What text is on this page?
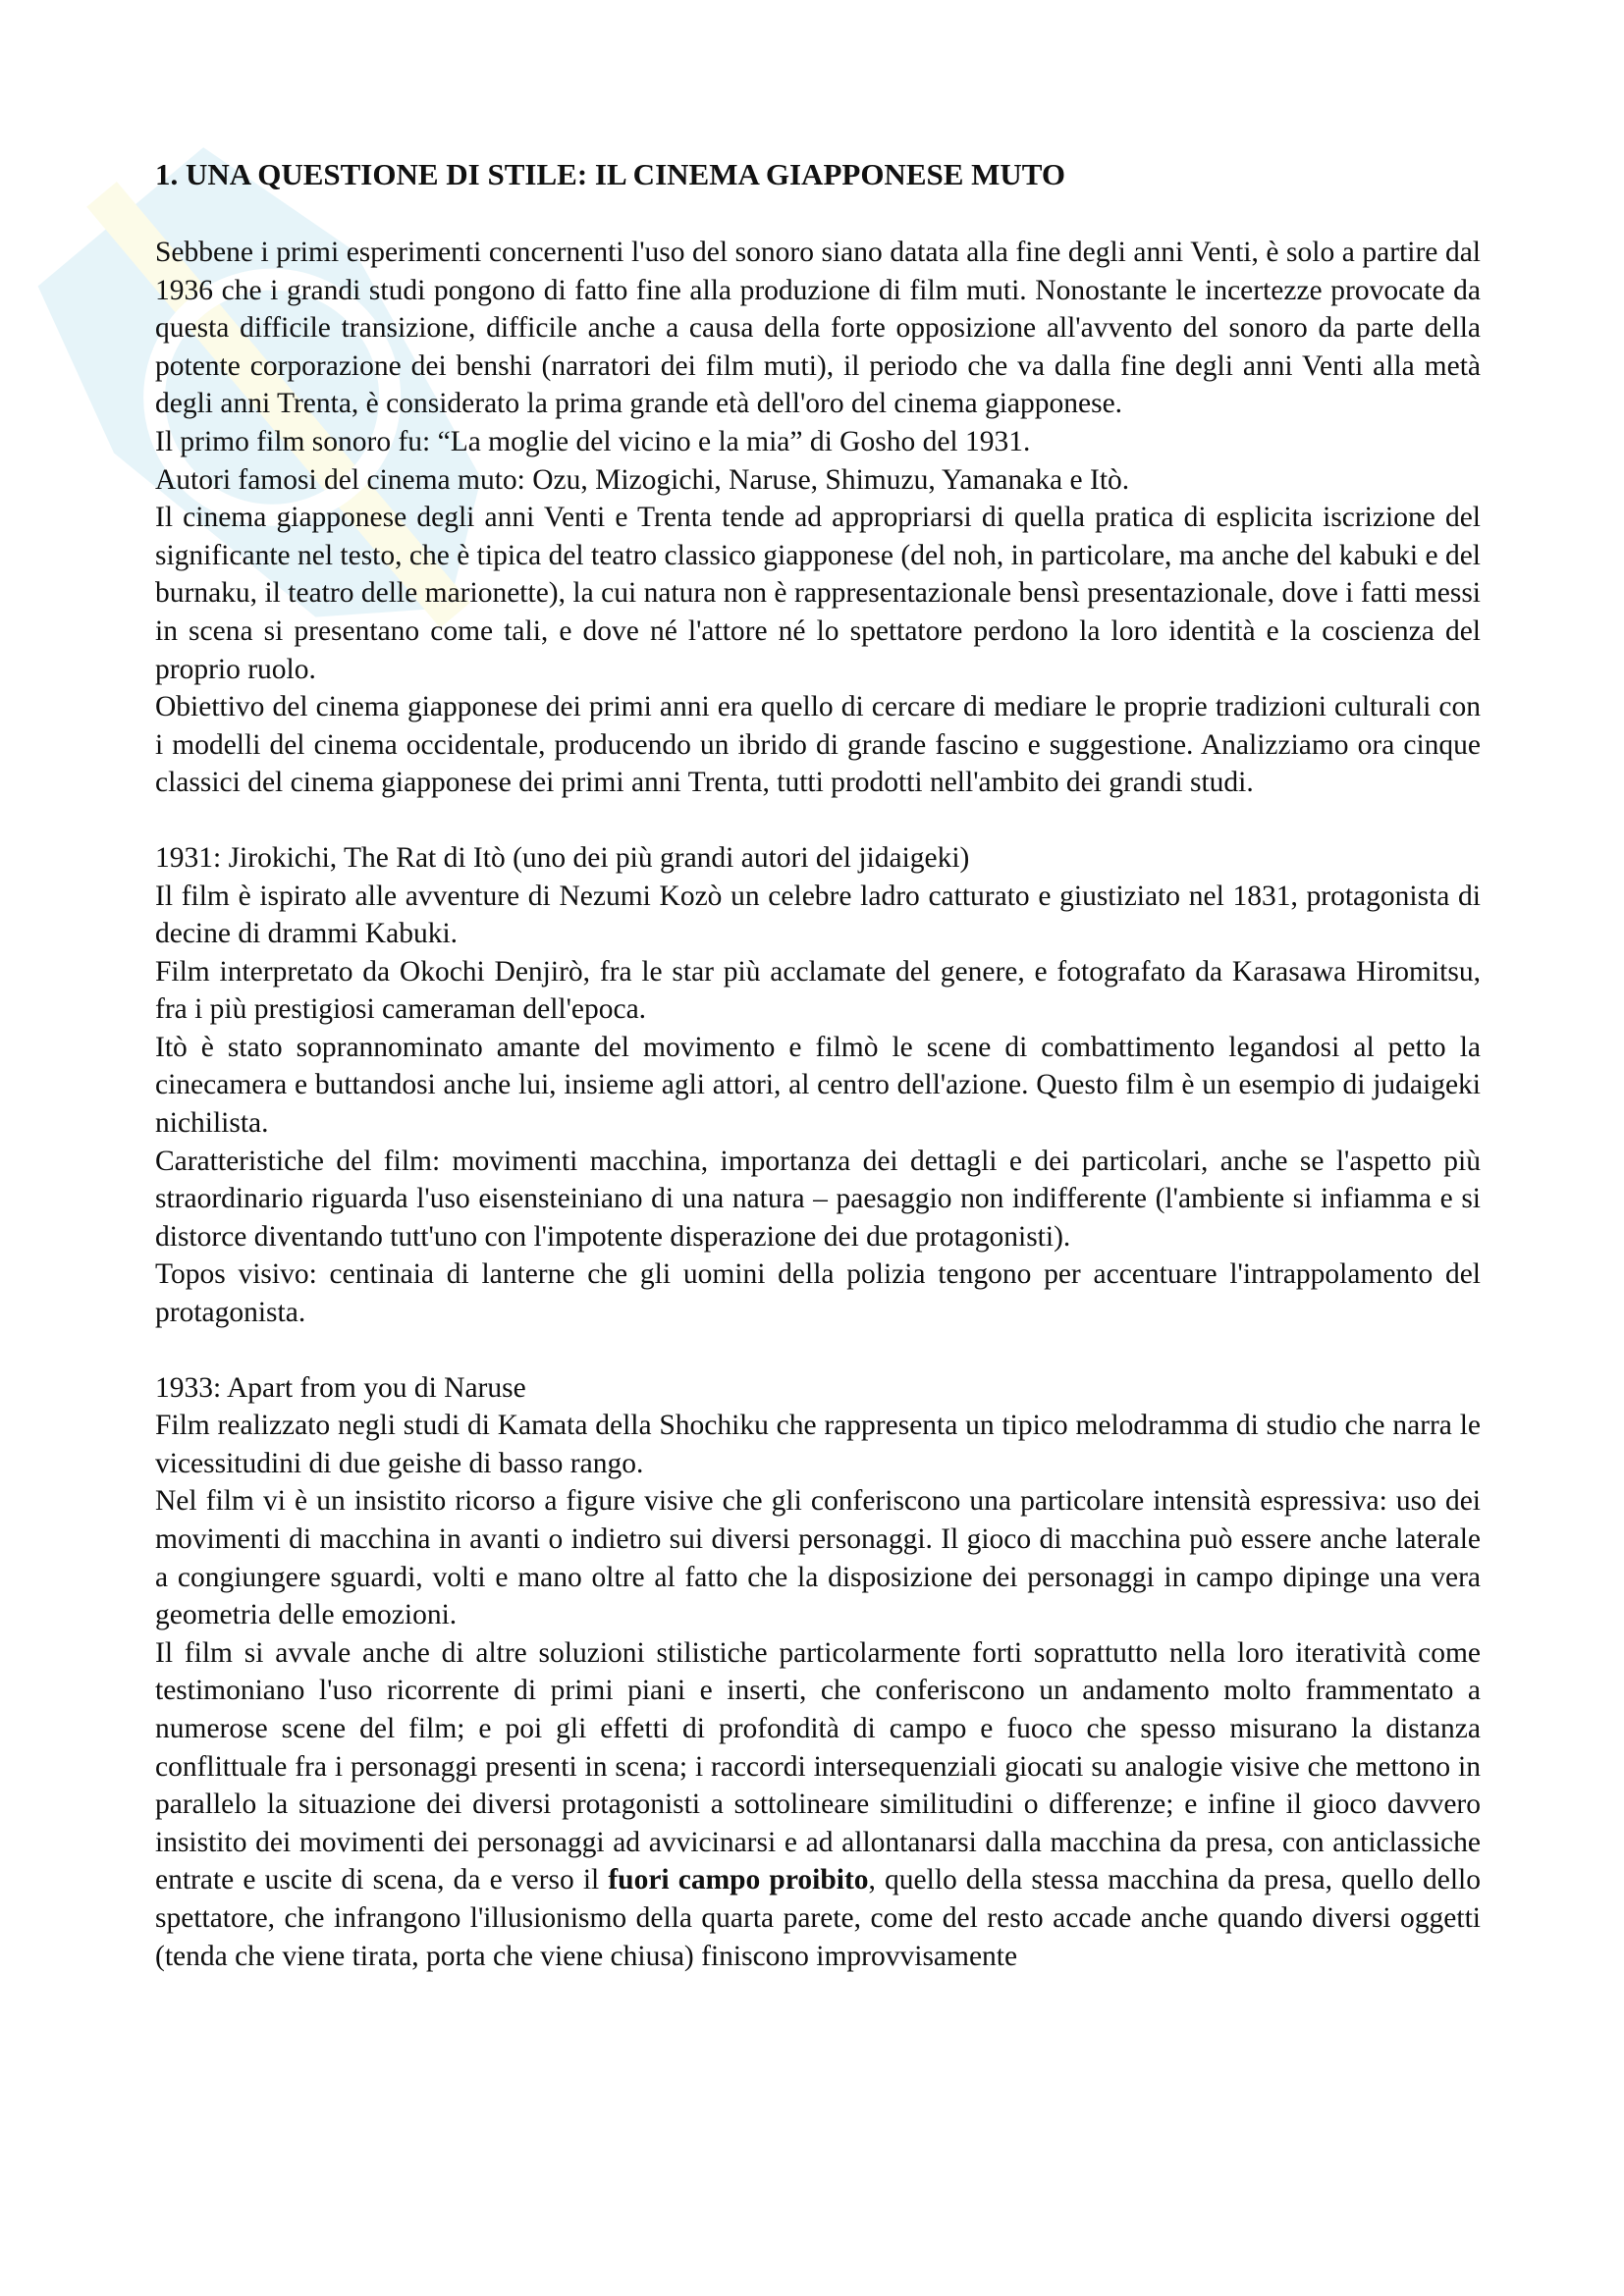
1. UNA QUESTIONE DI STILE: IL CINEMA GIAPPONESE MUTO

Sebbene i primi esperimenti concernenti l'uso del sonoro siano datata alla fine degli anni Venti, è solo a partire dal 1936 che i grandi studi pongono di fatto fine alla produzione di film muti. Nonostante le incertezze provocate da questa difficile transizione, difficile anche a causa della forte opposizione all'avvento del sonoro da parte della potente corporazione dei benshi (narratori dei film muti), il periodo che va dalla fine degli anni Venti alla metà degli anni Trenta, è considerato la prima grande età dell'oro del cinema giapponese.

Il primo film sonoro fu: “La moglie del vicino e la mia” di Gosho del 1931.

Autori famosi del cinema muto: Ozu, Mizogichi, Naruse, Shimuzu, Yamanaka e Itò.

Il cinema giapponese degli anni Venti e Trenta tende ad appropriarsi di quella pratica di esplicita iscrizione del significante nel testo, che è tipica del teatro classico giapponese (del noh, in particolare, ma anche del kabuki e del burnaku, il teatro delle marionette), la cui natura non è rappresentazionale bensì presentazionale, dove i fatti messi in scena si presentano come tali, e dove né l'attore né lo spettatore perdono la loro identità e la coscienza del proprio ruolo.

Obiettivo del cinema giapponese dei primi anni era quello di cercare di mediare le proprie tradizioni culturali con i modelli del cinema occidentale, producendo un ibrido di grande fascino e suggestione. Analizziamo ora cinque classici del cinema giapponese dei primi anni Trenta, tutti prodotti nell'ambito dei grandi studi.

1931: Jirokichi, The Rat di Itò (uno dei più grandi autori del jidaigeki)

Il film è ispirato alle avventure di Nezumi Kozò un celebre ladro catturato e giustiziato nel 1831, protagonista di decine di drammi Kabuki.

Film interpretato da Okochi Denjirò, fra le star più acclamate del genere, e fotografato da Karasawa Hiromitsu, fra i più prestigiosi cameraman dell'epoca.

Itò è stato soprannominato amante del movimento e filmò le scene di combattimento legandosi al petto la cinecamera e buttandosi anche lui, insieme agli attori, al centro dell'azione. Questo film è un esempio di judaigeki nichilista.

Caratteristiche del film: movimenti macchina, importanza dei dettagli e dei particolari, anche se l'aspetto più straordinario riguarda l'uso eisensteiniano di una natura – paesaggio non indifferente (l'ambiente si infiamma e si distorce diventando tutt'uno con l'impotente disperazione dei due protagonisti).

Topos visivo: centinaia di lanterne che gli uomini della polizia tengono per accentuare l'intrappolamento del protagonista.

1933: Apart from you di Naruse

Film realizzato negli studi di Kamata della Shochiku che rappresenta un tipico melodramma di studio che narra le vicessitudini di due geishe di basso rango.

Nel film vi è un insistito ricorso a figure visive che gli conferiscono una particolare intensità espressiva: uso dei movimenti di macchina in avanti o indietro sui diversi personaggi. Il gioco di macchina può essere anche laterale a congiungere sguardi, volti e mano oltre al fatto che la disposizione dei personaggi in campo dipinge una vera geometria delle emozioni.

Il film si avvale anche di altre soluzioni stilistiche particolarmente forti soprattutto nella loro iteratività come testimoniano l'uso ricorrente di primi piani e inserti, che conferiscono un andamento molto frammentato a numerose scene del film; e poi gli effetti di profondità di campo e fuoco che spesso misurano la distanza conflittuale fra i personaggi presenti in scena; i raccordi intersequenziali giocati su analogie visive che mettono in parallelo la situazione dei diversi protagonisti a sottolineare similitudini o differenze; e infine il gioco davvero insistito dei movimenti dei personaggi ad avvicinarsi e ad allontanarsi dalla macchina da presa, con anticlassiche entrate e uscite di scena, da e verso il fuori campo proibito, quello della stessa macchina da presa, quello dello spettatore, che infrangono l'illusionismo della quarta parete, come del resto accade anche quando diversi oggetti (tenda che viene tirata, porta che viene chiusa) finiscono improvvisamente
